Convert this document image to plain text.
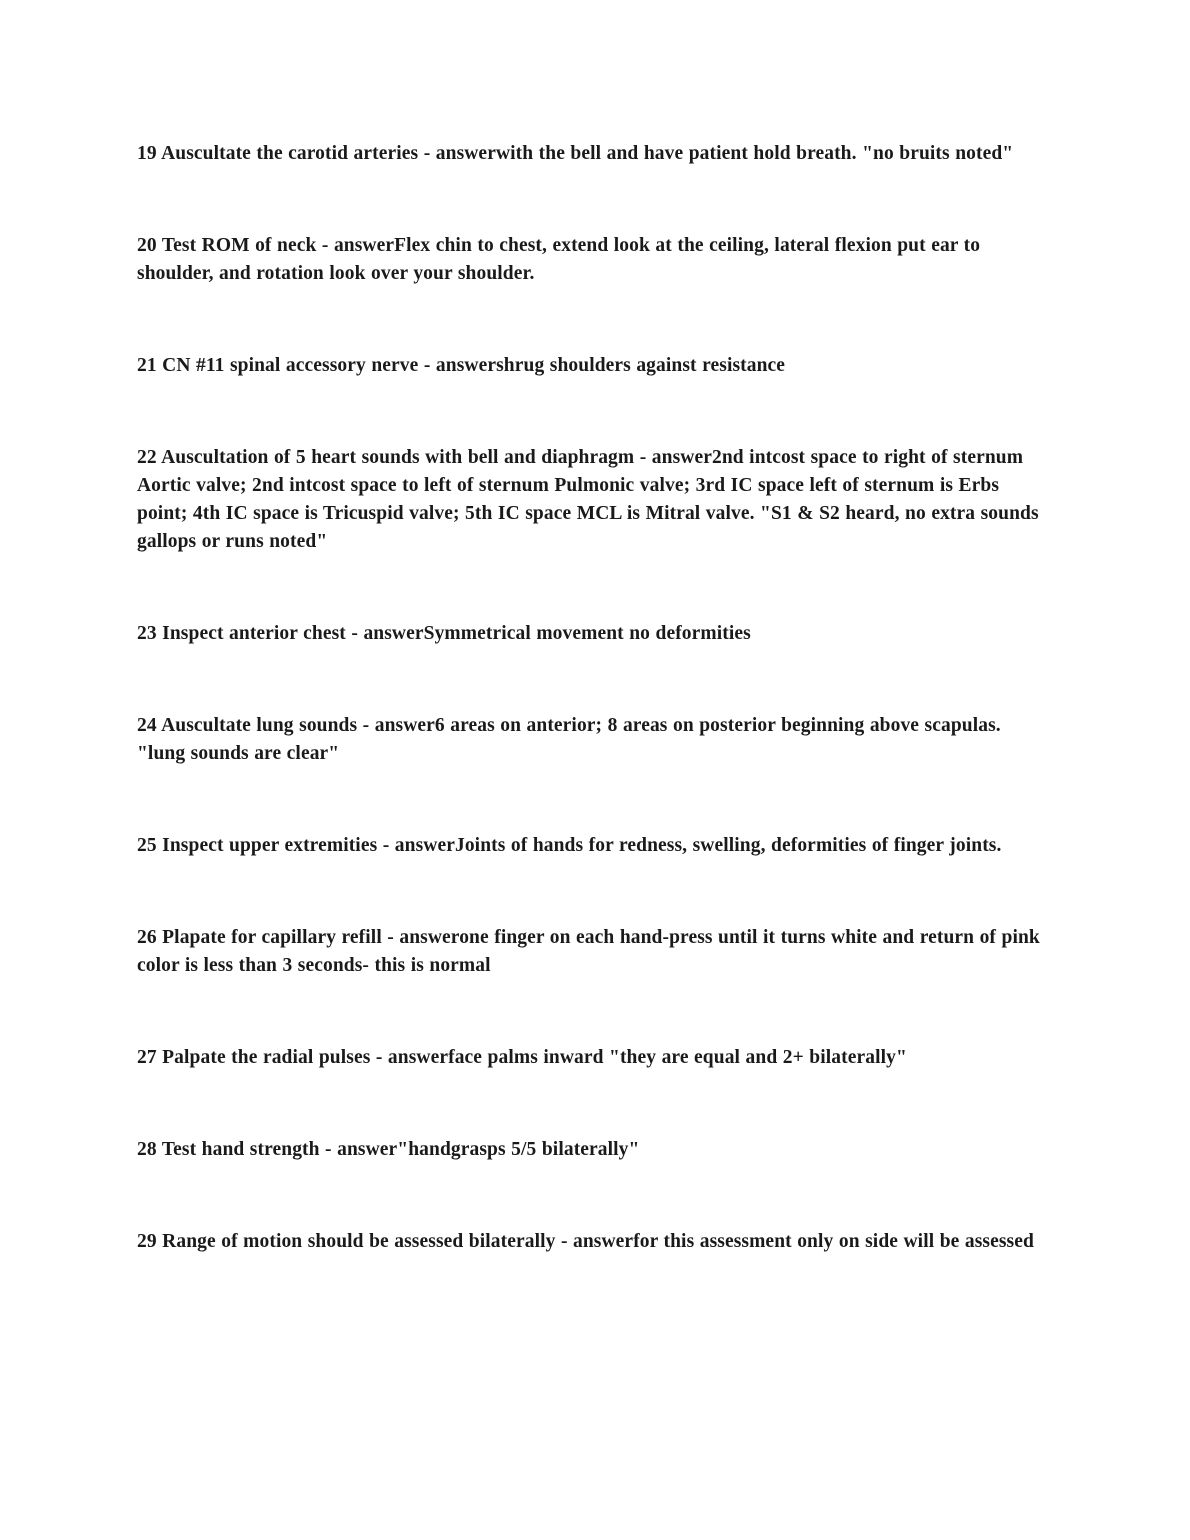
19 Auscultate the carotid arteries - answerwith the bell and have patient hold breath. "no bruits noted"

20 Test ROM of neck - answerFlex chin to chest, extend look at the ceiling, lateral flexion put ear to shoulder, and rotation look over your shoulder.

21 CN #11 spinal accessory nerve - answershrug shoulders against resistance

22 Auscultation of 5 heart sounds with bell and diaphragm - answer2nd intcost space to right of sternum Aortic valve; 2nd intcost space to left of sternum Pulmonic valve; 3rd IC space left of sternum is Erbs point; 4th IC space is Tricuspid valve; 5th IC space MCL is Mitral valve. "S1 & S2 heard, no extra sounds gallops or runs noted"

23 Inspect anterior chest - answerSymmetrical movement no deformities

24 Auscultate lung sounds - answer6 areas on anterior; 8 areas on posterior beginning above scapulas. "lung sounds are clear"

25 Inspect upper extremities - answerJoints of hands for redness, swelling, deformities of finger joints.

26 Plapate for capillary refill - answerone finger on each hand-press until it turns white and return of pink color is less than 3 seconds- this is normal

27 Palpate the radial pulses - answerface palms inward "they are equal and 2+ bilaterally"

28 Test hand strength - answer"handgrasps 5/5 bilaterally"

29 Range of motion should be assessed bilaterally - answerfor this assessment only on side will be assessed
